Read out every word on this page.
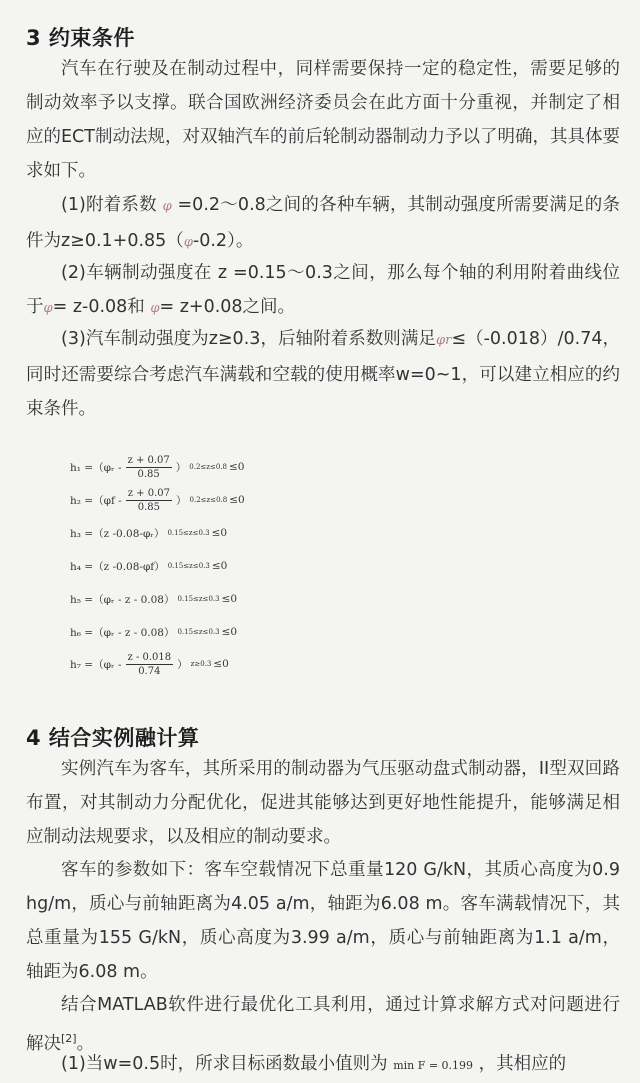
3 约束条件
汽车在行驶及在制动过程中，同样需要保持一定的稳定性，需要足够的制动效率予以支撑。联合国欧洲经济委员会在此方面十分重视，并制定了相应的ECT制动法规，对双轴汽车的前后轮制动器制动力予以了明确，其具体要求如下。
(1)附着系数 φ =0.2～0.8之间的各种车辆，其制动强度所需要满足的条件为z≥0.1+0.85（φ-0.2）。
(2)车辆制动强度在 z =0.15～0.3之间，那么每个轴的利用附着曲线位于φ= z-0.08和 φ= z+0.08之间。
(3)汽车制动强度为z≥0.3，后轴附着系数则满足φr≤（-0.018）/0.74，同时还需要综合考虑汽车满载和空载的使用概率w=0~1，可以建立相应的约束条件。
h₁ =（φᵣ - $\frac{z + 0.07}{0.85}$ ） 0.2≤z≤0.8 ≤0
$h_2 =(\varphi f - \frac{z + 0.07}{0.85}$ ） 0.2≤z≤0.8 ≤0
h₃ =（z -0.08-φᵣ） 0.15≤z≤0.3 ≤0
h₄ =（z -0.08-φf） 0.15≤z≤0.3 ≤0
h₅ =（φᵣ - z - 0.08） 0.15≤z≤0.3 ≤0
h₆ =（φᵣ - z - 0.08） 0.15≤z≤0.3 ≤0
h₇ =（φᵣ - $\frac{z - 0.018}{0.74}$ ） z≥0.3 ≤0
4 结合实例融计算
实例汽车为客车，其所采用的制动器为气压驱动盘式制动器，II型双回路布置，对其制动力分配优化，促进其能够达到更好地性能提升，能够满足相应制动法规要求，以及相应的制动要求。
客车的参数如下：客车空载情况下总重量120 G/kN，其质心高度为0.9 hg/m，质心与前轴距离为4.05 a/m，轴距为6.08 m。客车满载情况下，其总重量为155 G/kN，质心高度为3.99 a/m，质心与前轴距离为1.1 a/m，轴距为6.08 m。
结合MATLAB软件进行最优化工具利用，通过计算求解方式对问题进行解决[2]。
(1)当w=0.5时，所求目标函数最小值则为 min F = 0.199 ，其相应的
